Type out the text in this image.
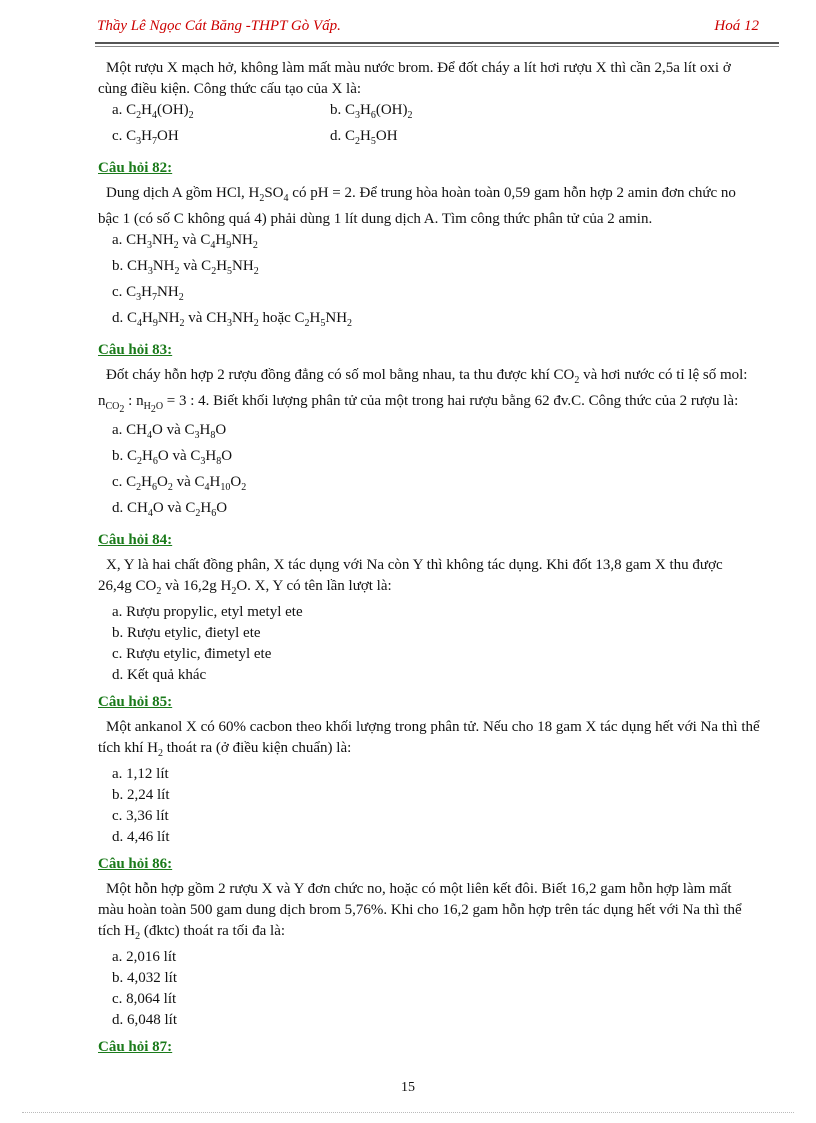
Thầy Lê Ngọc Cát Băng -THPT Gò Vấp.	Hoá 12

Một rượu X mạch hở, không làm mất màu nước brom. Để đốt cháy a lít hơi rượu X thì cần 2,5a lít oxi ở cùng điều kiện. Công thức cấu tạo của X là:

a. $C_2H_4(OH)_2$	b. $C_3H_6(OH)_2$
c. $C_3H_7OH$	d. $C_2H_5OH$
Câu hỏi 82:

Dung dịch A gồm HCl, $H_2SO_4$ có pH = 2. Để trung hòa hoàn toàn 0,59 gam hỗn hợp 2 amin đơn chức no bậc 1 (có số C không quá 4) phải dùng 1 lít dung dịch A. Tìm công thức phân tử của 2 amin.

a. $CH_3NH_2$ và $C_4H_9NH_2$
b. $CH_3NH_2$ và $C_2H_5NH_2$
c. $C_3H_7NH_2$
d. $C_4H_9NH_2$ và $CH_3NH_2$ hoặc $C_2H_5NH_2$
Câu hỏi 83:

Đốt cháy hỗn hợp 2 rượu đồng đẳng có số mol bằng nhau, ta thu được khí $CO_2$ và hơi nước có tỉ lệ số mol: $n_{CO_2}$ : $n_{H_2O} = 3$ : 4. Biết khối lượng phân tử của một trong hai rượu bằng 62 đv.C. Công thức của 2 rượu là:

a. $CH_4O$ và $C_3H_8O$
b. $C_2H_6O$ và $C_3H_8O$
c. $C_2H_6O_2$ và $C_4H_{10}O_2$
d. $CH_4O$ và $C_2H_6O$
Câu hỏi 84:

X, Y là hai chất đồng phân, X tác dụng với Na còn Y thì không tác dụng. Khi đốt 13,8 gam X thu được 26,4g $CO_2$ và 16,2g $H_2O$. X, Y có tên lần lượt là:

a. Rượu propylic, etyl metyl ete
b. Rượu etylic, đietyl ete
c. Rượu etylic, đimetyl ete
d. Kết quả khác
Câu hỏi 85:

Một ankanol X có 60% cacbon theo khối lượng trong phân tử. Nếu cho 18 gam X tác dụng hết với Na thì thể tích khí $H_2$ thoát ra (ở điều kiện chuẩn) là:

a. 1,12 lít
b. 2,24 lít
c. 3,36 lít
d. 4,46 lít
Câu hỏi 86:

Một hỗn hợp gồm 2 rượu X và Y đơn chức no, hoặc có một liên kết đôi. Biết 16,2 gam hỗn hợp làm mất màu hoàn toàn 500 gam dung dịch brom 5,76%. Khi cho 16,2 gam hỗn hợp trên tác dụng hết với Na thì thể tích $H_2$ (đktc) thoát ra tối đa là:

a. 2,016 lít
b. 4,032 lít
c. 8,064 lít
d. 6,048 lít
Câu hỏi 87:
15
